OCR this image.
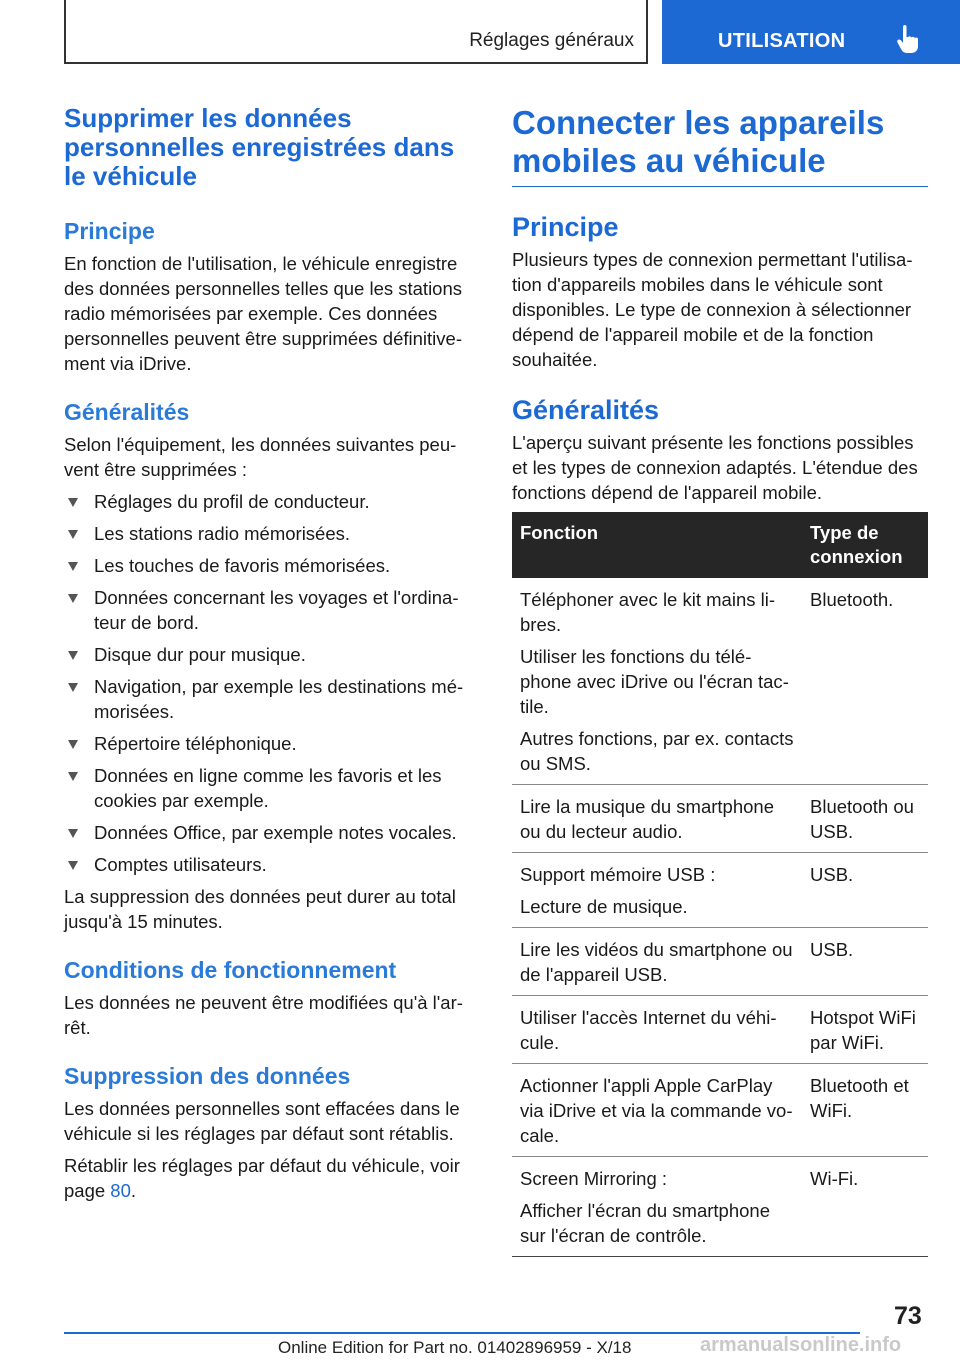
Réglages généraux	UTILISATION
Supprimer les données personnelles enregistrées dans le véhicule
Principe

En fonction de l'utilisation, le véhicule enregistre des données personnelles telles que les stations radio mémorisées par exemple. Ces données personnelles peuvent être supprimées définitivement via iDrive.

Généralités

Selon l'équipement, les données suivantes peuvent être supprimées :

Réglages du profil de conducteur.
Les stations radio mémorisées.
Les touches de favoris mémorisées.
Données concernant les voyages et l'ordinateur de bord.
Disque dur pour musique.
Navigation, par exemple les destinations mémorisées.
Répertoire téléphonique.
Données en ligne comme les favoris et les cookies par exemple.
Données Office, par exemple notes vocales.
Comptes utilisateurs.

La suppression des données peut durer au total jusqu'à 15 minutes.

Conditions de fonctionnement

Les données ne peuvent être modifiées qu'à l'arrêt.

Suppression des données

Les données personnelles sont effacées dans le véhicule si les réglages par défaut sont rétablis.

Rétablir les réglages par défaut du véhicule, voir page 80.

Connecter les appareils mobiles au véhicule
Principe

Plusieurs types de connexion permettant l'utilisation d'appareils mobiles dans le véhicule sont disponibles. Le type de connexion à sélectionner dépend de l'appareil mobile et de la fonction souhaitée.

Généralités

L'aperçu suivant présente les fonctions possibles et les types de connexion adaptés. L'étendue des fonctions dépend de l'appareil mobile.

Fonction	Type de connexion

Téléphoner avec le kit mains libres.

Utiliser les fonctions du téléphone avec iDrive ou l'écran tactile.

Autres fonctions, par ex. contacts ou SMS.	Bluetooth.

Lire la musique du smartphone ou du lecteur audio.	Bluetooth ou USB.

Support mémoire USB :

Lecture de musique.	USB.

Lire les vidéos du smartphone ou de l'appareil USB.	USB.

Utiliser l'accès Internet du véhicule.	Hotspot WiFi par WiFi.

Actionner l'appli Apple CarPlay via iDrive et via la commande vocale.	Bluetooth et WiFi.

Screen Mirroring :

Afficher l'écran du smartphone sur l'écran de contrôle.	Wi-Fi.
73
Online Edition for Part no. 01402896959 - X/18	armanualsonline.info
